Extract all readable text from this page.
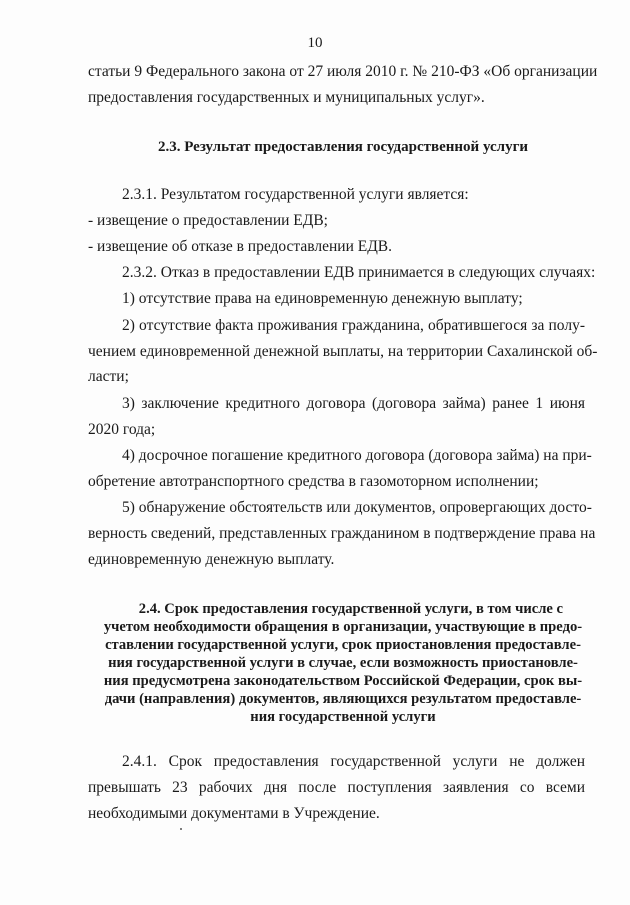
10
статьи 9 Федерального закона от 27 июля 2010 г. № 210-ФЗ «Об организации
предоставления государственных и муниципальных услуг».
2.3. Результат предоставления государственной услуги
2.3.1. Результатом государственной услуги является:
- извещение о предоставлении ЕДВ;
- извещение об отказе в предоставлении ЕДВ.
2.3.2. Отказ в предоставлении ЕДВ принимается в следующих случаях:
1) отсутствие права на единовременную денежную выплату;
2) отсутствие факта проживания гражданина, обратившегося за полу-
чением единовременной денежной выплаты, на территории Сахалинской об-
ласти;
3) заключение кредитного договора (договора займа) ранее 1 июня
2020 года;
4) досрочное погашение кредитного договора (договора займа) на при-
обретение автотранспортного средства в газомоторном исполнении;
5) обнаружение обстоятельств или документов, опровергающих досто-
верность сведений, представленных гражданином в подтверждение права на
единовременную денежную выплату.
2.4. Срок предоставления государственной услуги, в том числе с
учетом необходимости обращения в организации, участвующие в предо-
ставлении государственной услуги, срок приостановления предоставле-
ния государственной услуги в случае, если возможность приостановле-
ния предусмотрена законодательством Российской Федерации, срок вы-
дачи (направления) документов, являющихся результатом предоставле-
ния государственной услуги
2.4.1. Срок предоставления государственной услуги не должен
превышать 23 рабочих дня после поступления заявления со всеми
необходимыми документами в Учреждение.
